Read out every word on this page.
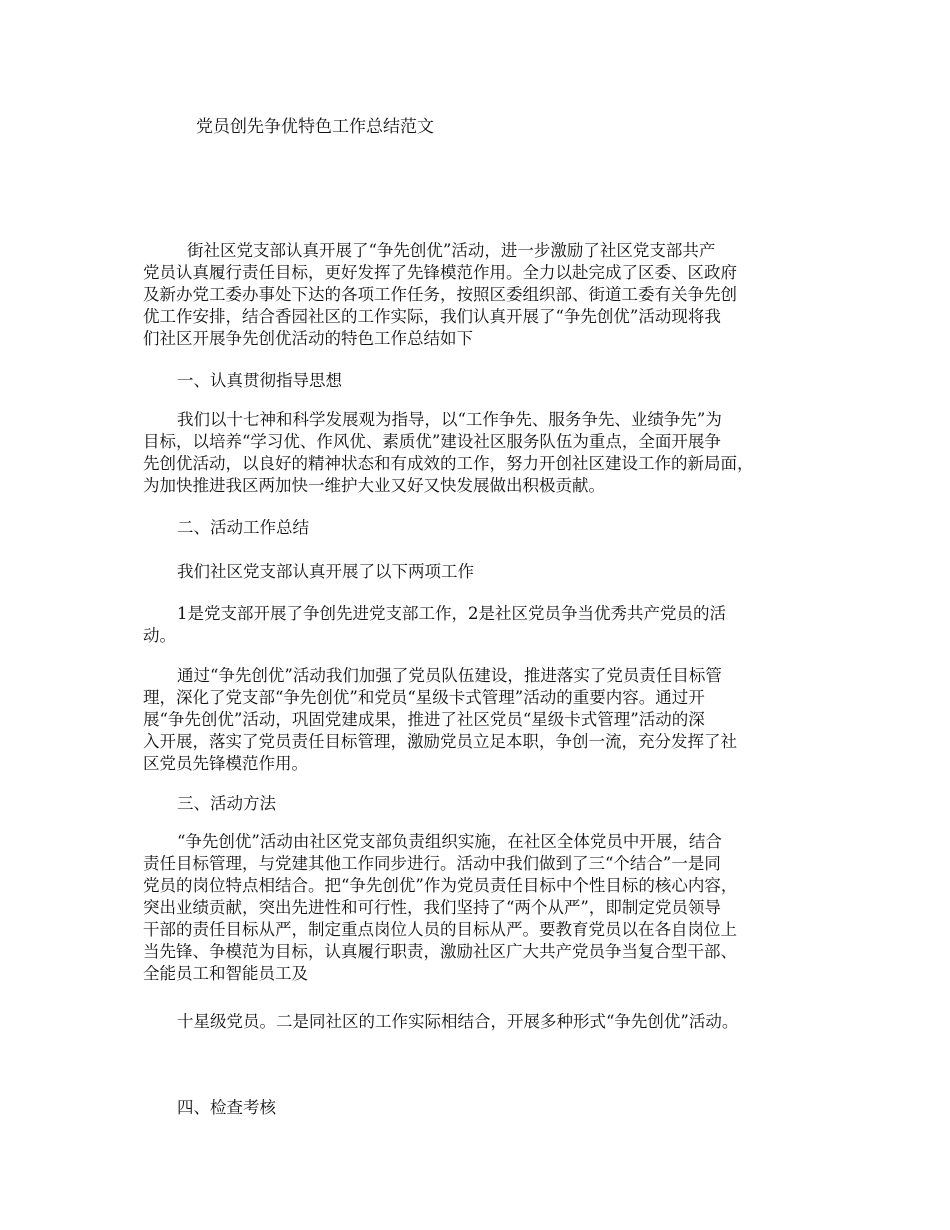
党员创先争优特色工作总结范文
街社区党支部认真开展了“争先创优”活动，进一步激励了社区党支部共产
党员认真履行责任目标，更好发挥了先锋模范作用。全力以赴完成了区委、区政府
及新办党工委办事处下达的各项工作任务，按照区委组织部、街道工委有关争先创
优工作安排，结合香园社区的工作实际，我们认真开展了“争先创优”活动现将我
们社区开展争先创优活动的特色工作总结如下
一、认真贯彻指导思想
我们以十七神和科学发展观为指导，以“工作争先、服务争先、业绩争先”为
目标，以培养“学习优、作风优、素质优”建设社区服务队伍为重点，全面开展争
先创优活动，以良好的精神状态和有成效的工作，努力开创社区建设工作的新局面，
为加快推进我区两加快一维护大业又好又快发展做出积极贡献。
二、活动工作总结
我们社区党支部认真开展了以下两项工作
1是党支部开展了争创先进党支部工作，2是社区党员争当优秀共产党员的活
动。
通过“争先创优”活动我们加强了党员队伍建设，推进落实了党员责任目标管
理，深化了党支部“争先创优”和党员“星级卡式管理”活动的重要内容。通过开
展“争先创优”活动，巩固党建成果，推进了社区党员“星级卡式管理”活动的深
入开展，落实了党员责任目标管理，激励党员立足本职，争创一流，充分发挥了社
区党员先锋模范作用。
三、活动方法
“争先创优”活动由社区党支部负责组织实施，在社区全体党员中开展，结合
责任目标管理，与党建其他工作同步进行。活动中我们做到了三“个结合”一是同
党员的岗位特点相结合。把“争先创优”作为党员责任目标中个性目标的核心内容，
突出业绩贡献，突出先进性和可行性，我们坚持了“两个从严”，即制定党员领导
干部的责任目标从严，制定重点岗位人员的目标从严。要教育党员以在各自岗位上
当先锋、争模范为目标，认真履行职责，激励社区广大共产党员争当复合型干部、
全能员工和智能员工及
十星级党员。二是同社区的工作实际相结合，开展多种形式“争先创优”活动。
四、检查考核
